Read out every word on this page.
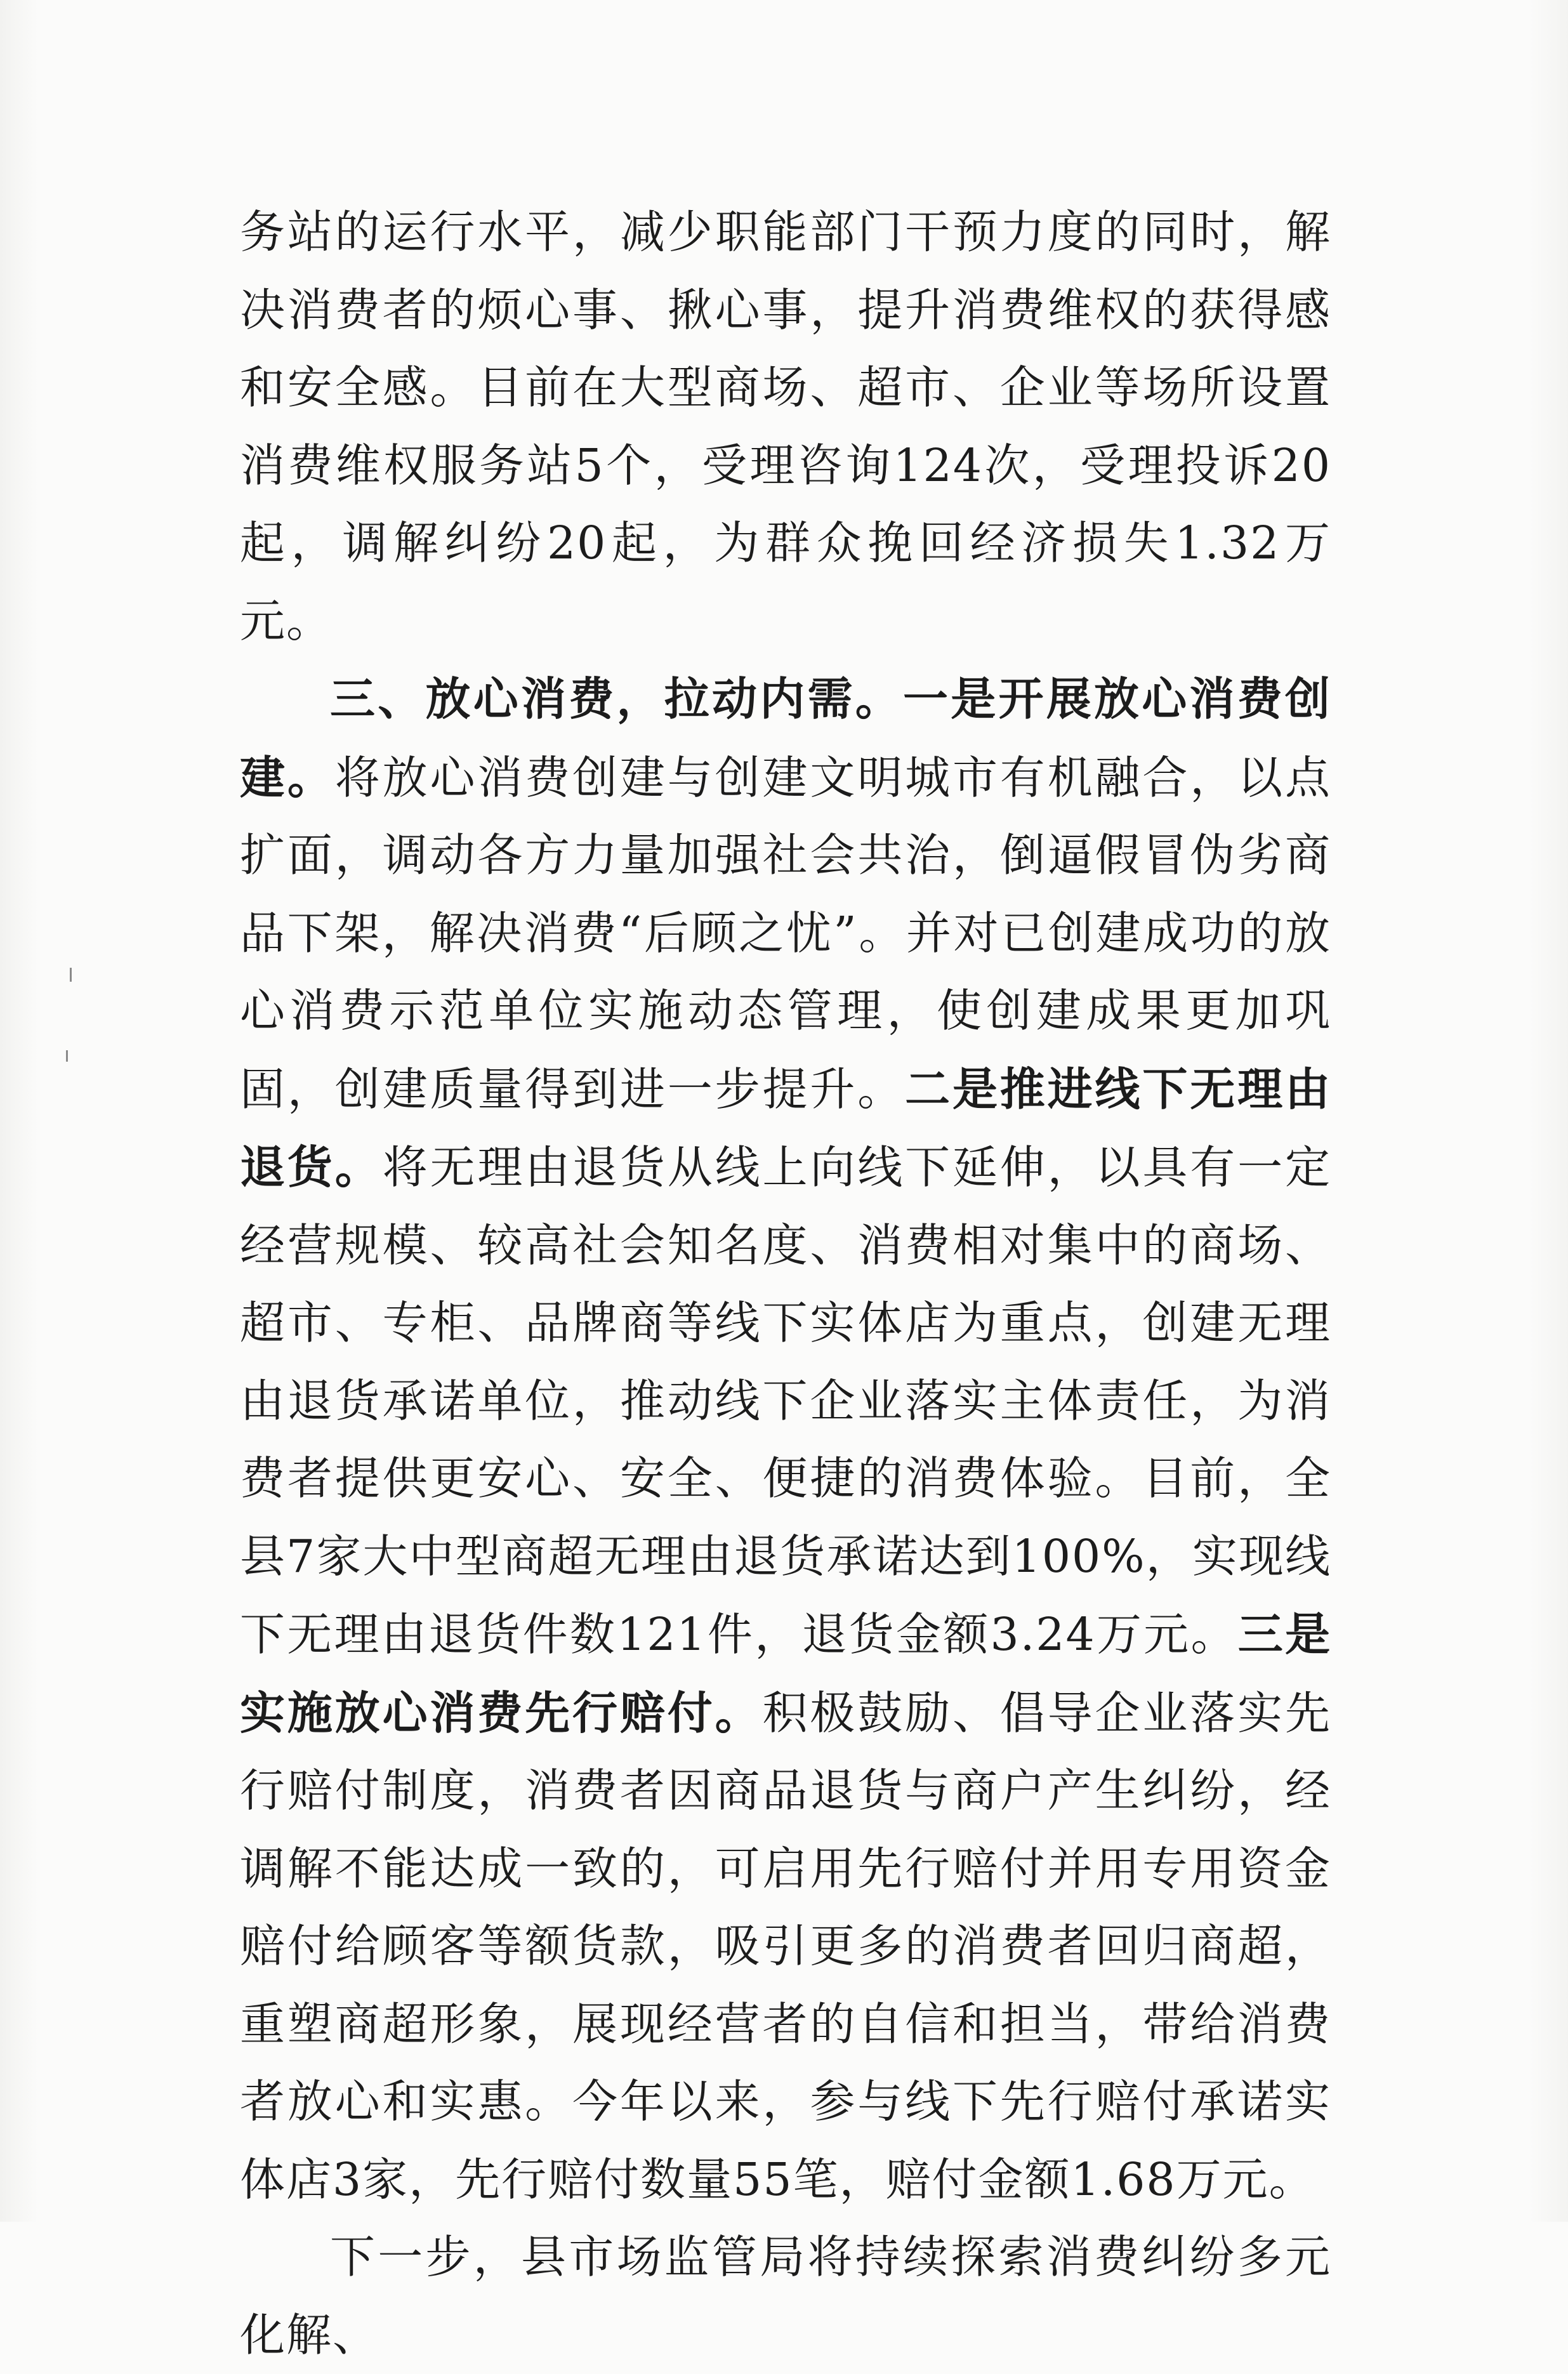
务站的运行水平，减少职能部门干预力度的同时，解决消费者的烦心事、揪心事，提升消费维权的获得感和安全感。目前在大型商场、超市、企业等场所设置消费维权服务站5个，受理咨询124次，受理投诉20起，调解纠纷20起，为群众挽回经济损失1.32万元。

三、放心消费，拉动内需。一是开展放心消费创建。将放心消费创建与创建文明城市有机融合，以点扩面，调动各方力量加强社会共治，倒逼假冒伪劣商品下架，解决消费“后顾之忧”。并对已创建成功的放心消费示范单位实施动态管理，使创建成果更加巩固，创建质量得到进一步提升。二是推进线下无理由退货。将无理由退货从线上向线下延伸，以具有一定经营规模、较高社会知名度、消费相对集中的商场、超市、专柜、品牌商等线下实体店为重点，创建无理由退货承诺单位，推动线下企业落实主体责任，为消费者提供更安心、安全、便捷的消费体验。目前，全县7家大中型商超无理由退货承诺达到100%，实现线下无理由退货件数121件，退货金额3.24万元。三是实施放心消费先行赔付。积极鼓励、倡导企业落实先行赔付制度，消费者因商品退货与商户产生纠纷，经调解不能达成一致的，可启用先行赔付并用专用资金赔付给顾客等额货款，吸引更多的消费者回归商超，重塑商超形象，展现经营者的自信和担当，带给消费者放心和实惠。今年以来，参与线下先行赔付承诺实体店3家，先行赔付数量55笔，赔付金额1.68万元。

下一步，县市场监管局将持续探索消费纠纷多元化解、
